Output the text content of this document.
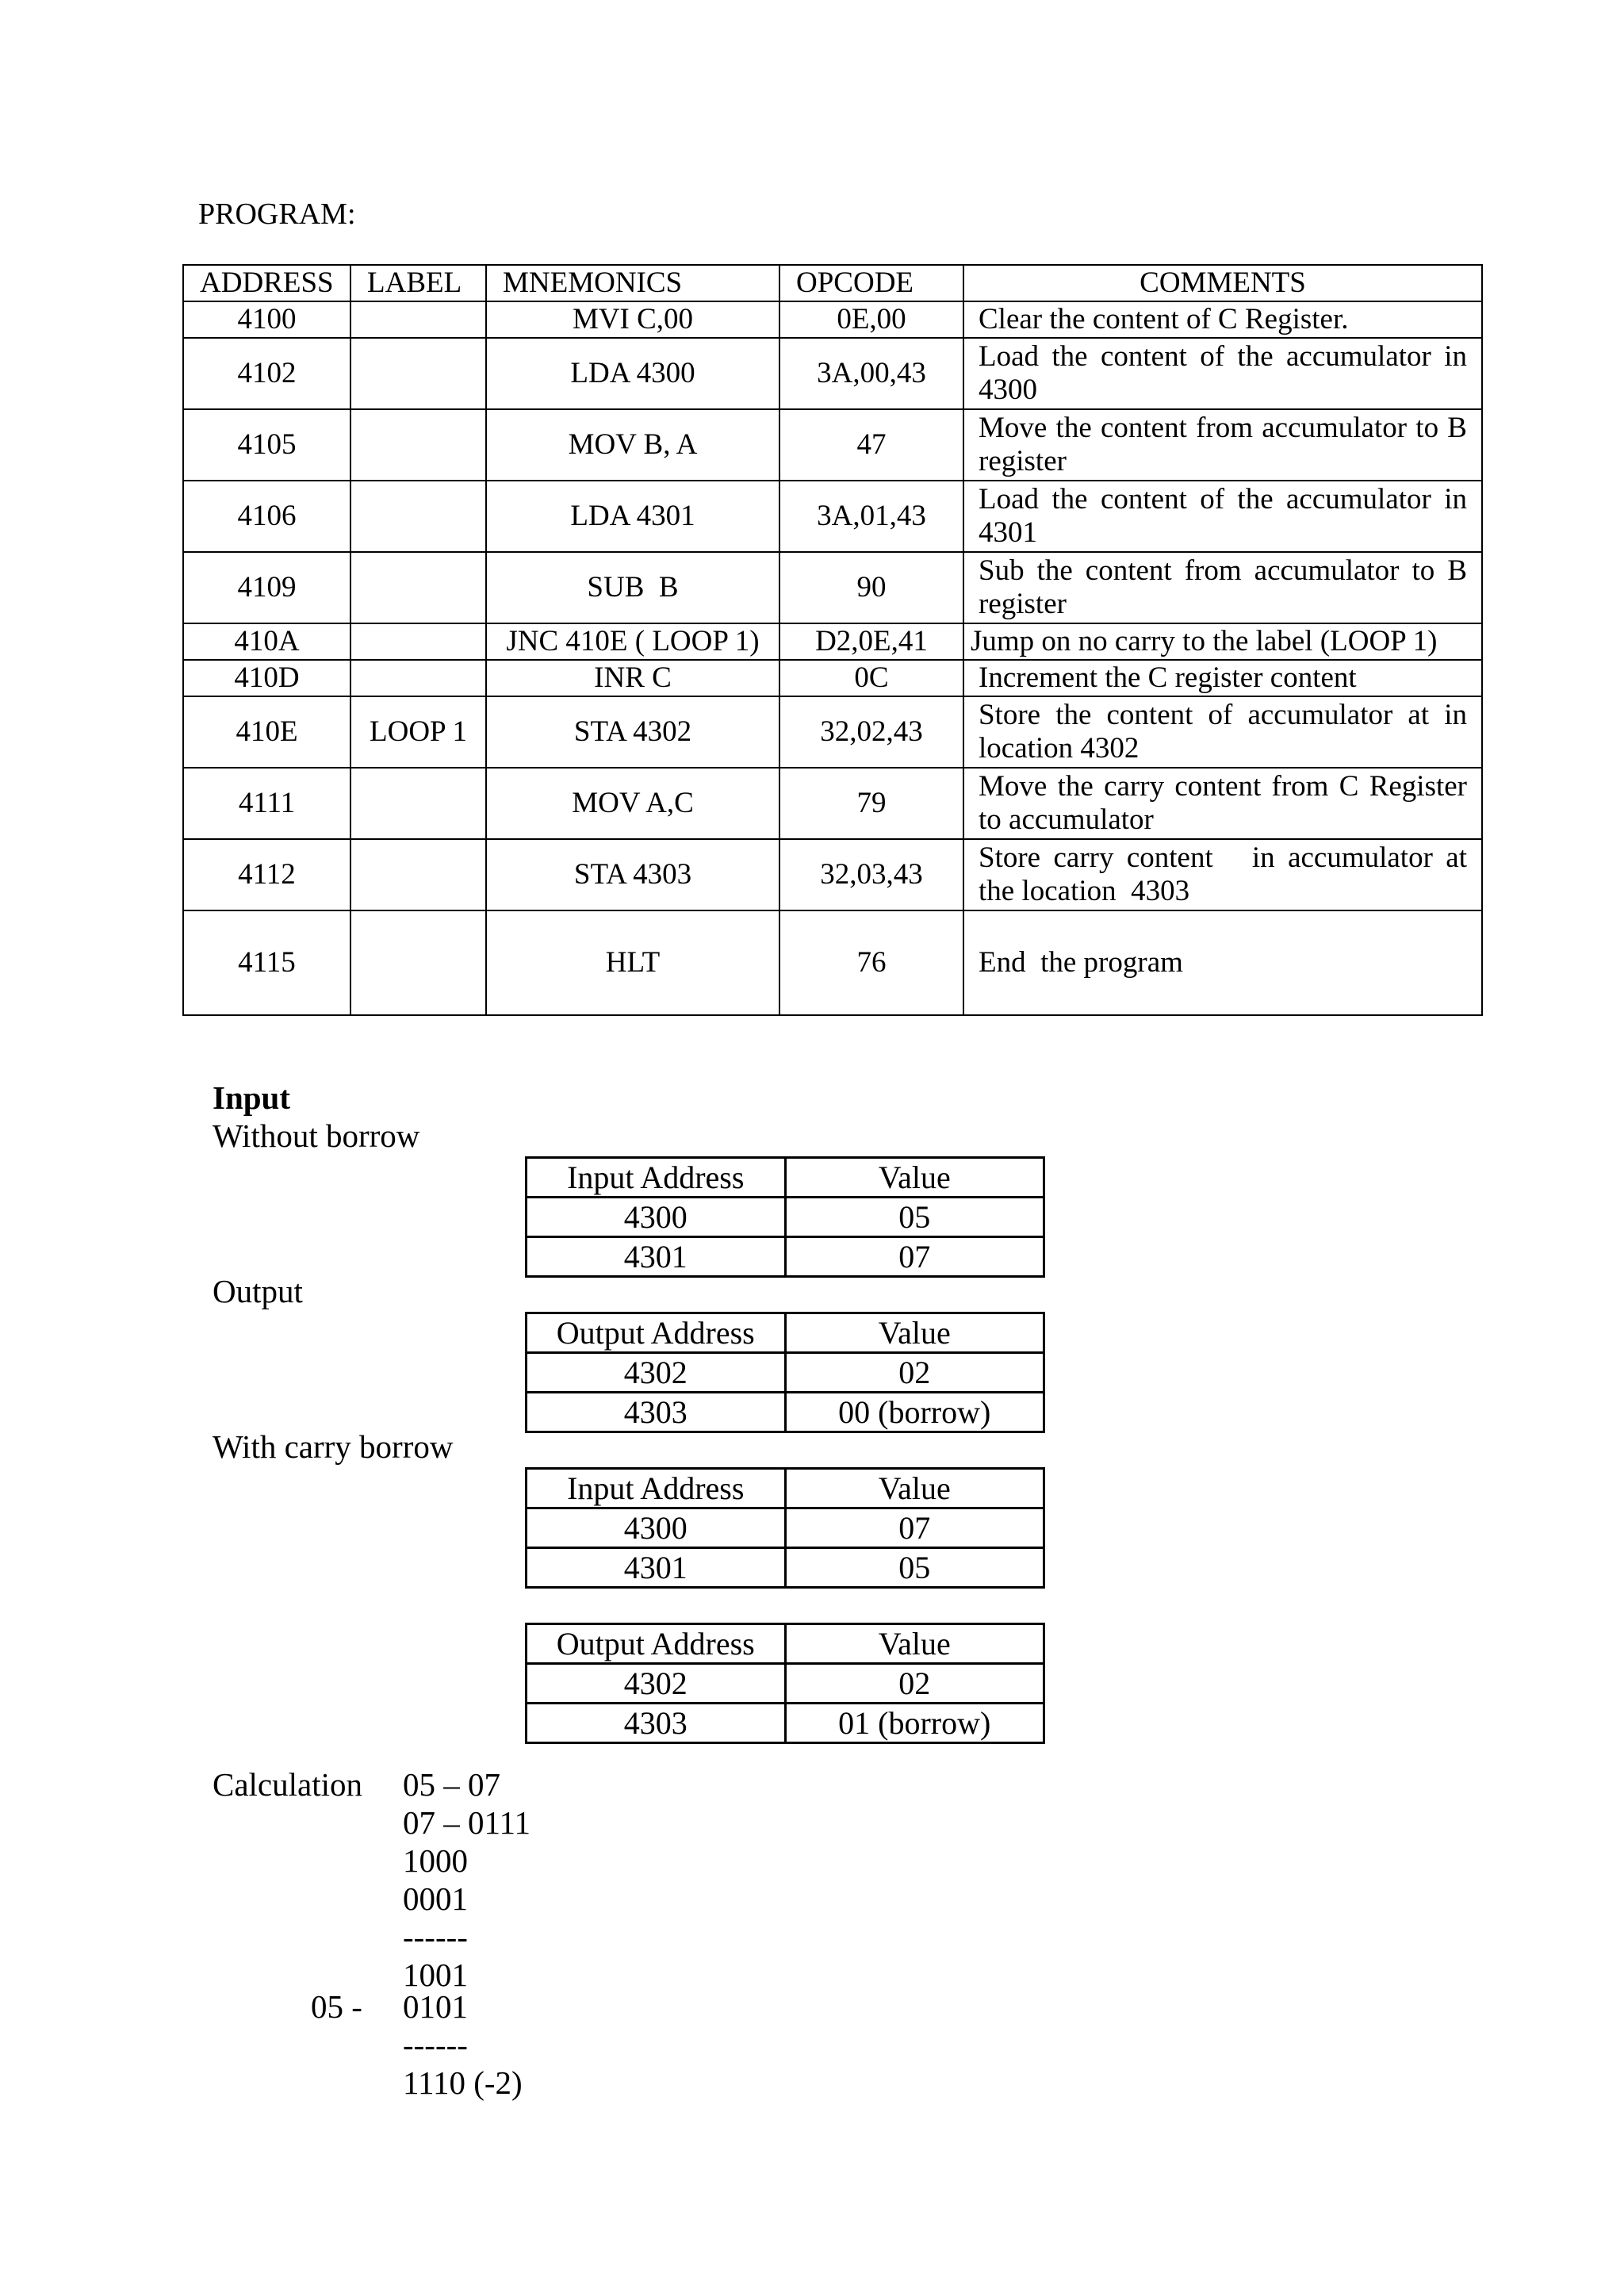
PROGRAM:
ADDRESS	LABEL	MNEMONICS	OPCODE	COMMENTS
4100		MVI C,00	0E,00	Clear the content of C Register.
4102		LDA 4300	3A,00,43	Load the content of the accumulator in 4300
4105		MOV B, A	47	Move the content from accumulator to B register
4106		LDA 4301	3A,01,43	Load the content of the accumulator in 4301
4109		SUB  B	90	Sub the content from accumulator to B register
410A		JNC 410E ( LOOP 1)	D2,0E,41	Jump on no carry to the label (LOOP 1)
410D		INR C	0C	Increment the C register content
410E	LOOP 1	STA 4302	32,02,43	Store the content of accumulator at in location 4302
4111		MOV A,C	79	Move the carry content from C Register to accumulator
4112		STA 4303	32,03,43	Store carry content   in accumulator at the location  4303
4115		HLT	76	End  the program
Input
Without borrow
Input Address	Value
4300	05
4301	07
Output
Output Address	Value
4302	02
4303	00 (borrow)
With carry borrow
Input Address	Value
4300	07
4301	05
Output Address	Value
4302	02
4303	01 (borrow)
Calculation
05 -
05 – 07
07 – 0111
1000
0001
------
1001
0101
------
1110 (-2)
